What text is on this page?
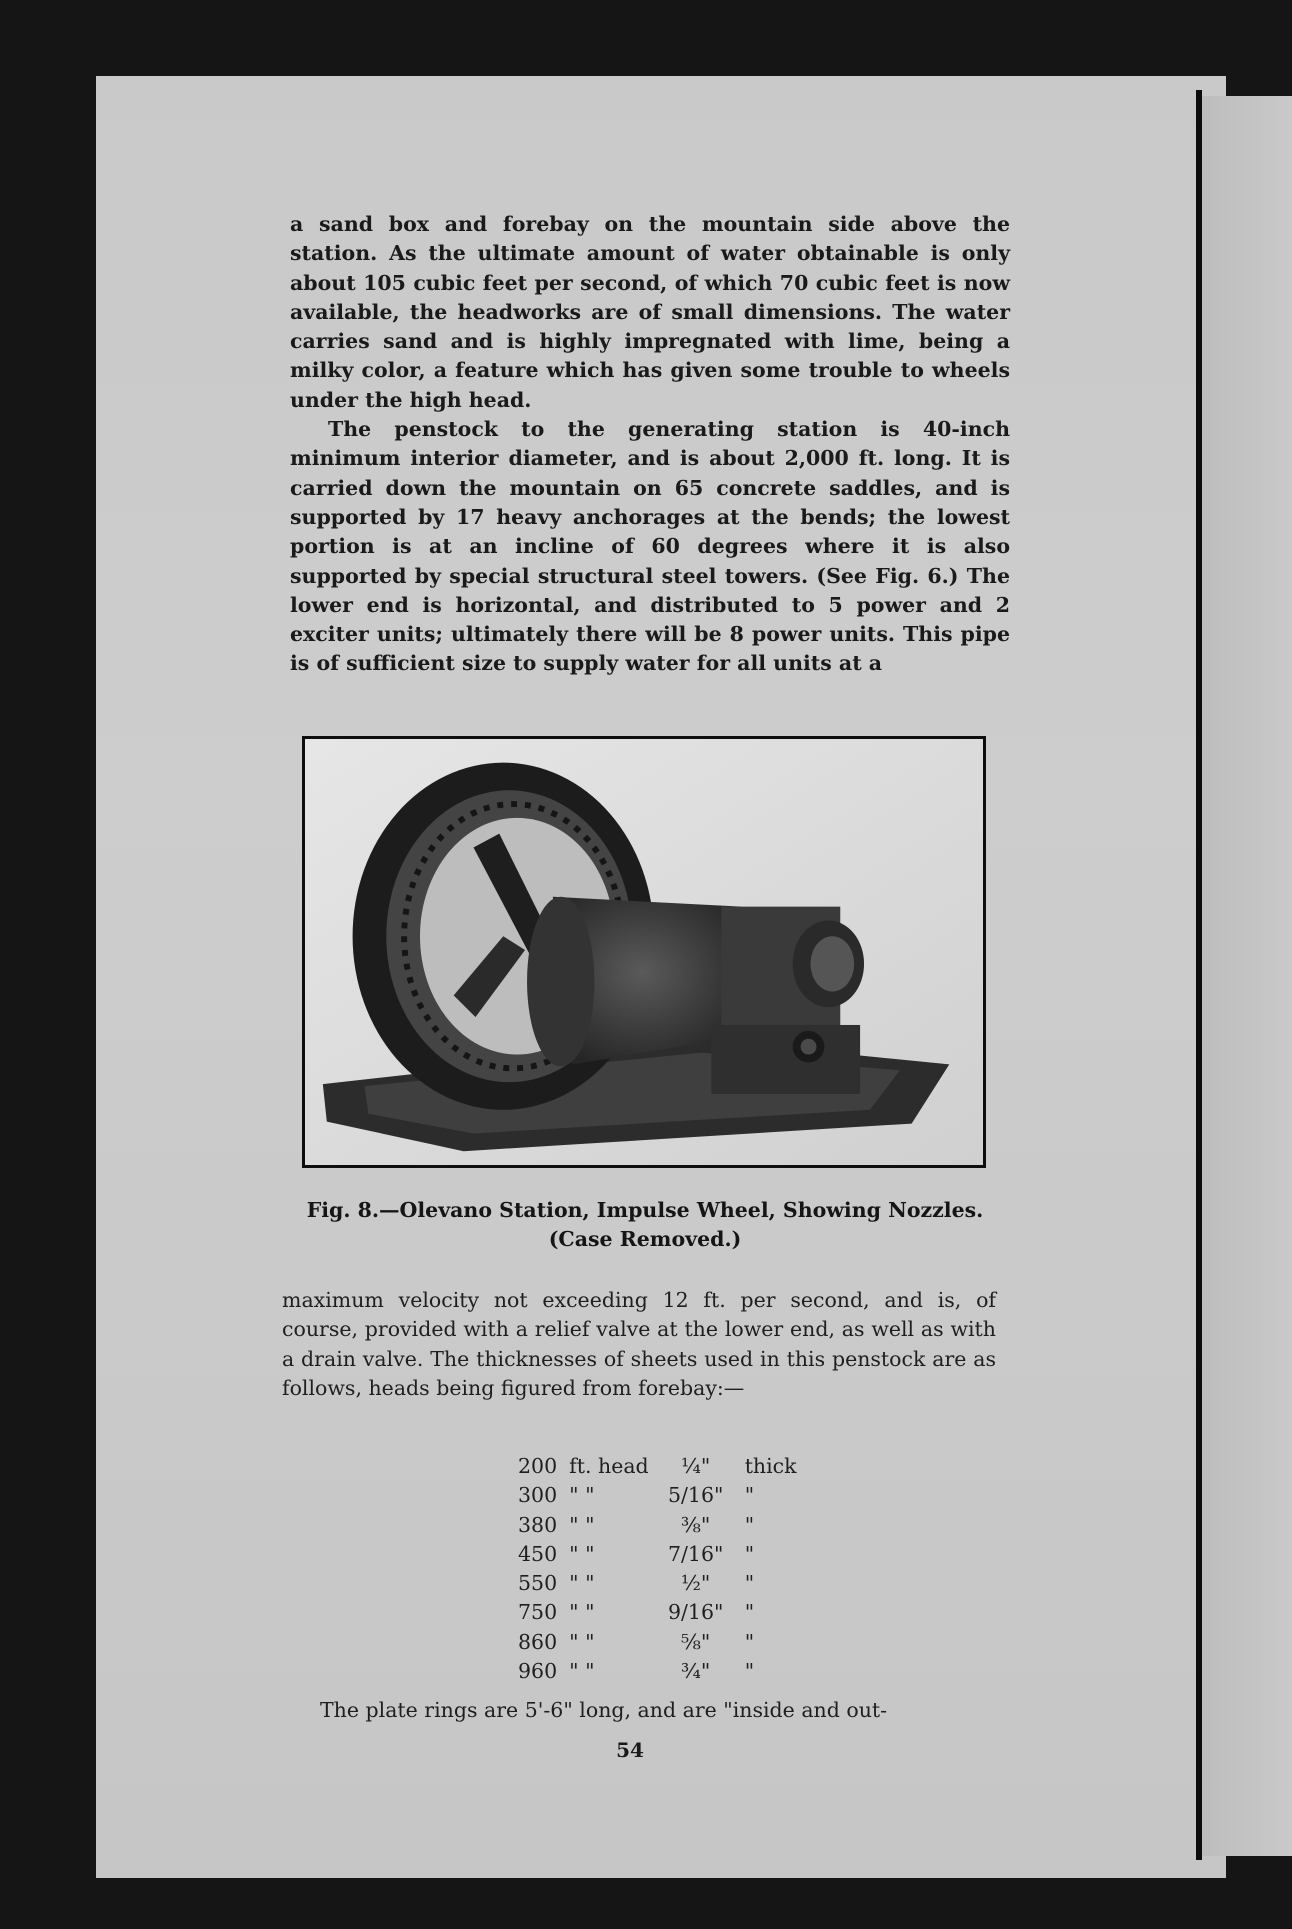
a sand box and forebay on the mountain side above the station. As the ultimate amount of water obtainable is only about 105 cubic feet per second, of which 70 cubic feet is now available, the headworks are of small dimensions. The water carries sand and is highly impregnated with lime, being a milky color, a feature which has given some trouble to wheels under the high head.

The penstock to the generating station is 40-inch minimum interior diameter, and is about 2,000 ft. long. It is carried down the mountain on 65 concrete saddles, and is supported by 17 heavy anchorages at the bends; the lowest portion is at an incline of 60 degrees where it is also supported by special structural steel towers. (See Fig. 6.) The lower end is horizontal, and distributed to 5 power and 2 exciter units; ultimately there will be 8 power units. This pipe is of sufficient size to supply water for all units at a

Fig. 8.—Olevano Station, Impulse Wheel, Showing Nozzles.
(Case Removed.)

maximum velocity not exceeding 12 ft. per second, and is, of course, provided with a relief valve at the lower end, as well as with a drain valve. The thicknesses of sheets used in this penstock are as follows, heads being figured from forebay:—

200	ft. head	¼"	thick
300	" "	5/16"	"
380	" "	⅜"	"
450	" "	7/16"	"
550	" "	½"	"
750	" "	9/16"	"
860	" "	⅝"	"
960	" "	¾"	"
The plate rings are 5'-6" long, and are "inside and out-
54
